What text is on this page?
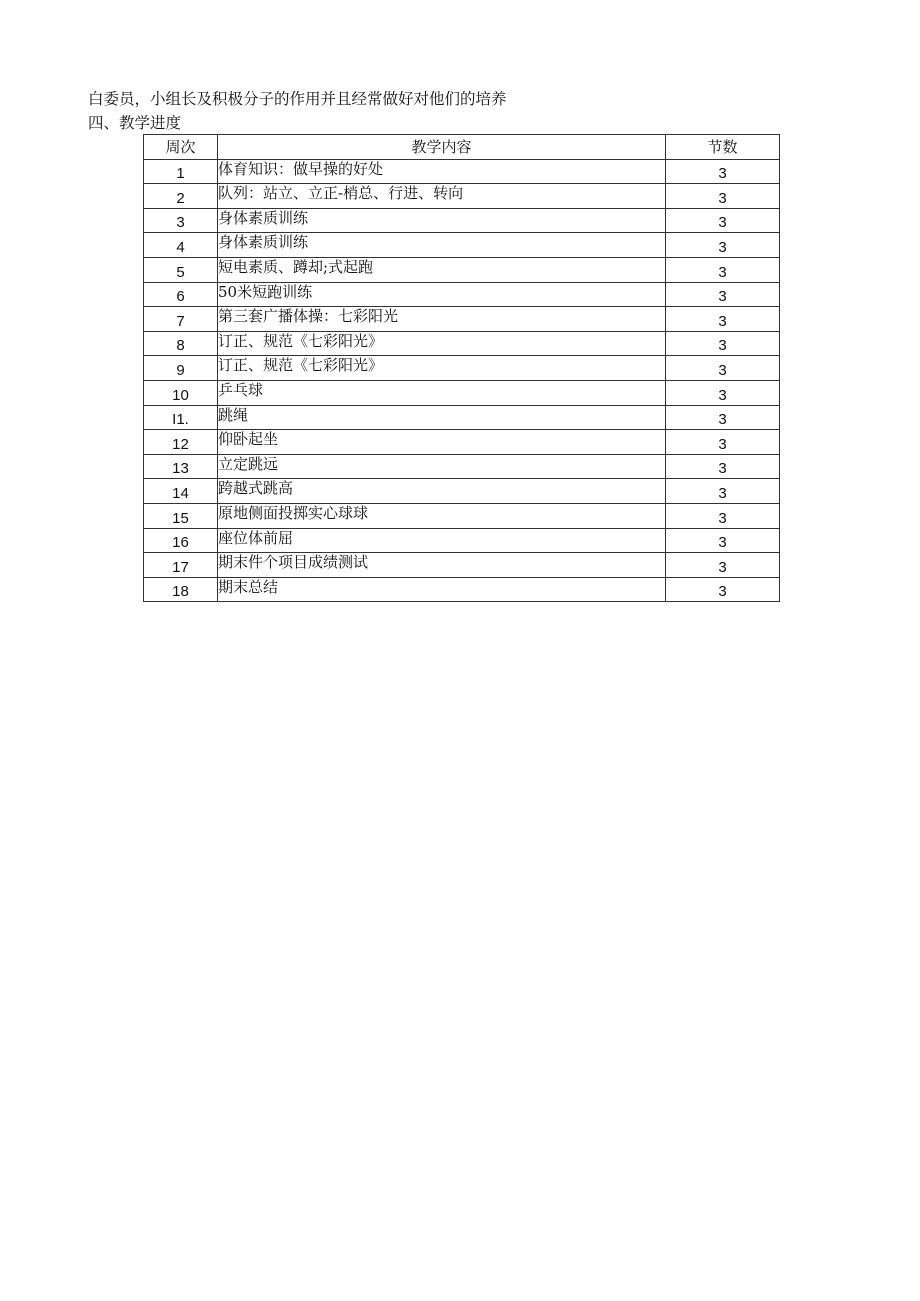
白委员，小组长及积极分子的作用并且经常做好对他们的培养
四、教学进度
周次	教学内容	节数
1	体育知识：做早操的好处	3
2	队列：站立、立正-梢总、行进、转向	3
3	身体素质训练	3
4	身体素质训练	3
5	短电素质、蹲却;式起跑	3
6	50米短跑训练	3
7	第三套广播体操：七彩阳光	3
8	订正、规范《七彩阳光》	3
9	订正、规范《七彩阳光》	3
10	乒乓球	3
I1.	跳绳	3
12	仰卧起坐	3
13	立定跳远	3
14	跨越式跳高	3
15	原地侧面投掷实心球球	3
16	座位体前屈	3
17	期末件个项目成绩测试	3
18	期末总结	3
